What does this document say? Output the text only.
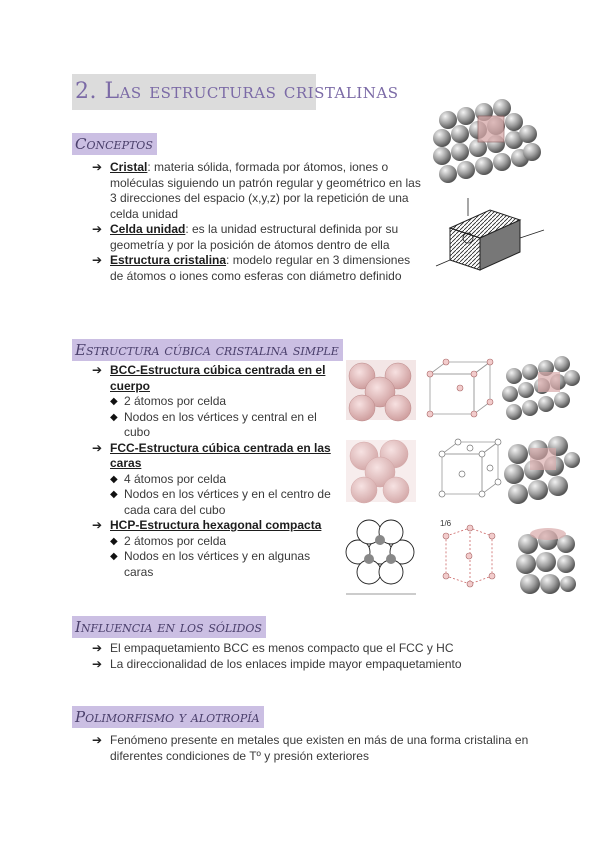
2. Las estructuras cristalinas
Conceptos
➔ Cristal: materia sólida, formada por átomos, iones o moléculas siguiendo un patrón regular y geométrico en las 3 direcciones del espacio (x,y,z) por la repetición de una celda unidad
➔ Celda unidad: es la unidad estructural definida por su geometría y por la posición de átomos dentro de ella
➔ Estructura cristalina: modelo regular en 3 dimensiones de átomos o iones como esferas con diámetro definido
Estructura cúbica cristalina simple
➔ BCC-Estructura cúbica centrada en el cuerpo
◆ 2 átomos por celda
◆ Nodos en los vértices y central en el cubo
➔ FCC-Estructura cúbica centrada en las caras
◆ 4 átomos por celda
◆ Nodos en los vértices y en el centro de cada cara del cubo
➔ HCP-Estructura hexagonal compacta
◆ 2 átomos por celda
◆ Nodos en los vértices y en algunas caras
1/6
Influencia en los sólidos
➔ El empaquetamiento BCC es menos compacto que el FCC y HC
➔ La direccionalidad de los enlaces impide mayor empaquetamiento
Polimorfismo y alotropía
➔ Fenómeno presente en metales que existen en más de una forma cristalina en diferentes condiciones de Tº y presión exteriores
